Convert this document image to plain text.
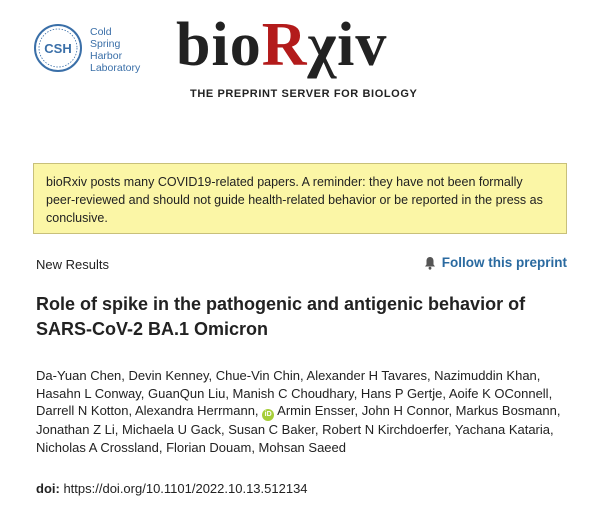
CSH
Cold
Spring
Harbor
Laboratory bioRχiv
THE PREPRINT SERVER FOR BIOLOGY
bioRxiv posts many COVID19-related papers. A reminder: they have not been formally peer-reviewed and should not guide health-related behavior or be reported in the press as conclusive.
New Results	Follow this preprint
Role of spike in the pathogenic and antigenic behavior of SARS-CoV-2 BA.1 Omicron
Da-Yuan Chen, Devin Kenney, Chue-Vin Chin, Alexander H Tavares, Nazimuddin Khan, Hasahn L Conway, GuanQun Liu, Manish C Choudhary, Hans P Gertje, Aoife K OConnell, Darrell N Kotton, Alexandra Herrmann, iD Armin Ensser, John H Connor, Markus Bosmann, Jonathan Z Li, Michaela U Gack, Susan C Baker, Robert N Kirchdoerfer, Yachana Kataria, Nicholas A Crossland, Florian Douam, Mohsan Saeed
doi: https://doi.org/10.1101/2022.10.13.512134
